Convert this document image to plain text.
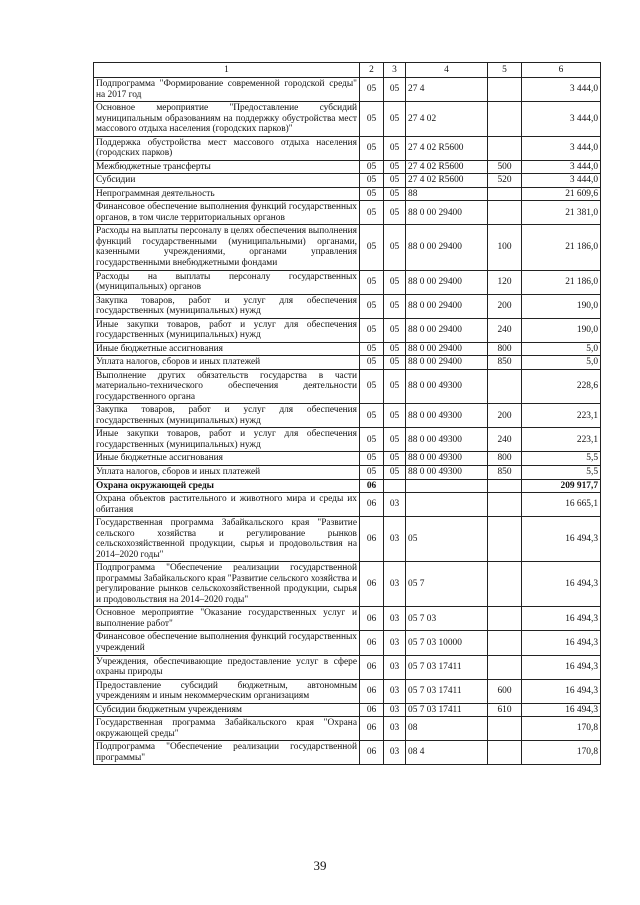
1	2	3	4	5	6
Подпрограмма "Формирование современной городской среды" на 2017 год	05	05	27 4		3 444,0
Основное мероприятие "Предоставление субсидий муниципальным образованиям на поддержку обустройства мест массового отдыха населения (городских парков)"	05	05	27 4 02		3 444,0
Поддержка обустройства мест массового отдыха населения (городских парков)	05	05	27 4 02 R5600		3 444,0
Межбюджетные трансферты	05	05	27 4 02 R5600	500	3 444,0
Субсидии	05	05	27 4 02 R5600	520	3 444,0
Непрограммная деятельность	05	05	88		21 609,6
Финансовое обеспечение выполнения функций государственных органов, в том числе территориальных органов	05	05	88 0 00 29400		21 381,0
Расходы на выплаты персоналу в целях обеспечения выполнения функций государственными (муниципальными) органами, казенными учреждениями, органами управления государственными внебюджетными фондами	05	05	88 0 00 29400	100	21 186,0
Расходы на выплаты персоналу государственных (муниципальных) органов	05	05	88 0 00 29400	120	21 186,0
Закупка товаров, работ и услуг для обеспечения государственных (муниципальных) нужд	05	05	88 0 00 29400	200	190,0
Иные закупки товаров, работ и услуг для обеспечения государственных (муниципальных) нужд	05	05	88 0 00 29400	240	190,0
Иные бюджетные ассигнования	05	05	88 0 00 29400	800	5,0
Уплата налогов, сборов и иных платежей	05	05	88 0 00 29400	850	5,0
Выполнение других обязательств государства в части материально-технического обеспечения деятельности государственного органа	05	05	88 0 00 49300		228,6
Закупка товаров, работ и услуг для обеспечения государственных (муниципальных) нужд	05	05	88 0 00 49300	200	223,1
Иные закупки товаров, работ и услуг для обеспечения государственных (муниципальных) нужд	05	05	88 0 00 49300	240	223,1
Иные бюджетные ассигнования	05	05	88 0 00 49300	800	5,5
Уплата налогов, сборов и иных платежей	05	05	88 0 00 49300	850	5,5
Охрана окружающей среды	06				209 917,7
Охрана объектов растительного и животного мира и среды их обитания	06	03			16 665,1
Государственная программа Забайкальского края "Развитие сельского хозяйства и регулирование рынков сельскохозяйственной продукции, сырья и продовольствия на 2014–2020 годы"	06	03	05		16 494,3
Подпрограмма "Обеспечение реализации государственной программы Забайкальского края "Развитие сельского хозяйства и регулирование рынков сельскохозяйственной продукции, сырья и продовольствия на 2014–2020 годы"	06	03	05 7		16 494,3
Основное мероприятие "Оказание государственных услуг и выполнение работ"	06	03	05 7 03		16 494,3
Финансовое обеспечение выполнения функций государственных учреждений	06	03	05 7 03 10000		16 494,3
Учреждения, обеспечивающие предоставление услуг в сфере охраны природы	06	03	05 7 03 17411		16 494,3
Предоставление субсидий бюджетным, автономным учреждениям и иным некоммерческим организациям	06	03	05 7 03 17411	600	16 494,3
Субсидии бюджетным учреждениям	06	03	05 7 03 17411	610	16 494,3
Государственная программа Забайкальского края "Охрана окружающей среды"	06	03	08		170,8
Подпрограмма "Обеспечение реализации государственной программы"	06	03	08 4		170,8
39
